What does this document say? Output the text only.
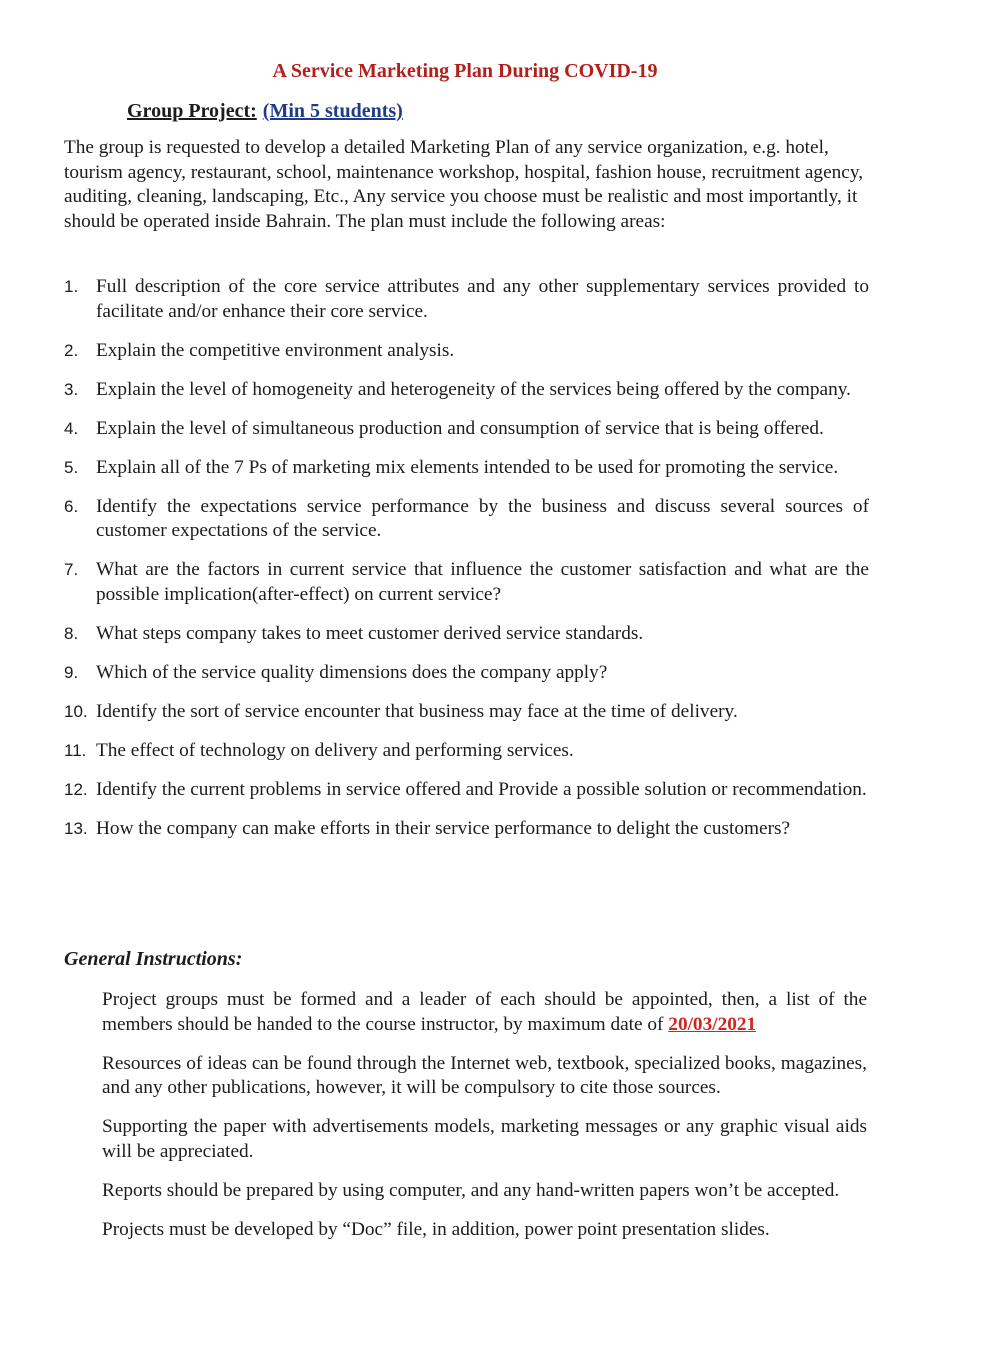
A Service Marketing Plan During COVID-19
Group Project: (Min 5 students)

The group is requested to develop a detailed Marketing Plan of any service organization, e.g. hotel, tourism agency, restaurant, school, maintenance workshop, hospital, fashion house, recruitment agency, auditing, cleaning, landscaping, Etc., Any service you choose must be realistic and most importantly, it should be operated inside Bahrain. The plan must include the following areas:

1. Full description of the core service attributes and any other supplementary services provided to facilitate and/or enhance their core service.
2. Explain the competitive environment analysis.
3. Explain the level of homogeneity and heterogeneity of the services being offered by the company.
4. Explain the level of simultaneous production and consumption of service that is being offered.
5. Explain all of the 7 Ps of marketing mix elements intended to be used for promoting the service.
6. Identify the expectations service performance by the business and discuss several sources of customer expectations of the service.
7. What are the factors in current service that influence the customer satisfaction and what are the possible implication(after-effect) on current service?
8. What steps company takes to meet customer derived service standards.
9. Which of the service quality dimensions does the company apply?
10. Identify the sort of service encounter that business may face at the time of delivery.
11. The effect of technology on delivery and performing services.
12. Identify the current problems in service offered and Provide a possible solution or recommendation.
13. How the company can make efforts in their service performance to delight the customers?
General Instructions:
Project groups must be formed and a leader of each should be appointed, then, a list of the members should be handed to the course instructor, by maximum date of 20/03/2021
Resources of ideas can be found through the Internet web, textbook, specialized books, magazines, and any other publications, however, it will be compulsory to cite those sources.
Supporting the paper with advertisements models, marketing messages or any graphic visual aids will be appreciated.
Reports should be prepared by using computer, and any hand-written papers won’t be accepted.
Projects must be developed by “Doc” file, in addition, power point presentation slides.
